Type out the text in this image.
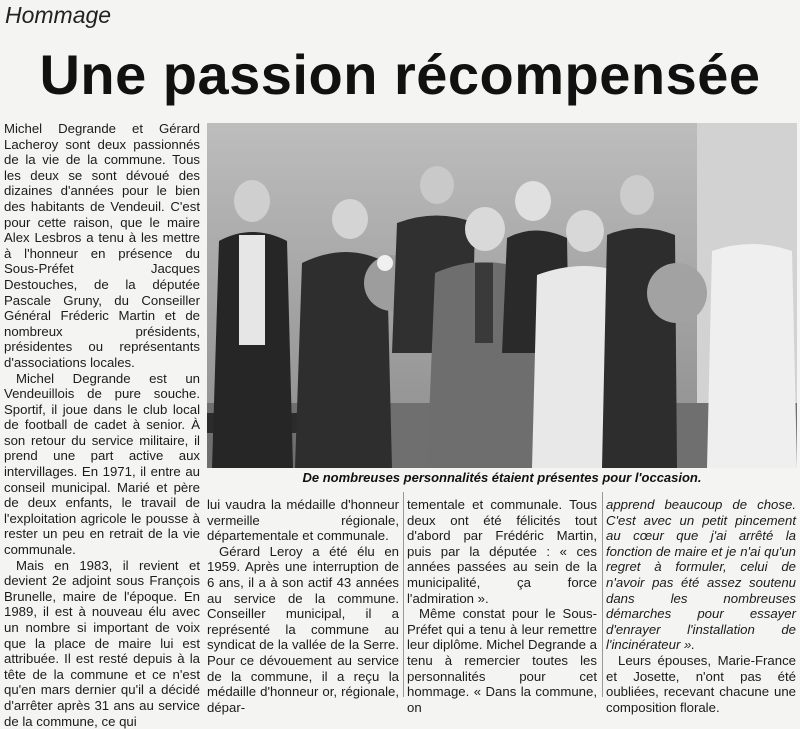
Hommage
Une passion récompensée

Michel Degrande et Gérard Lacheroy sont deux passionnés de la vie de la commune. Tous les deux se sont dévoué des dizaines d'années pour le bien des habitants de Vendeuil. C'est pour cette raison, que le maire Alex Lesbros a tenu à les mettre à l'honneur en présence du Sous-Préfet Jacques Destouches, de la députée Pascale Gruny, du Conseiller Général Fréderic Martin et de nombreux présidents, présidentes ou représentants d'associations locales.

Michel Degrande est un Vendeuillois de pure souche. Sportif, il joue dans le club local de football de cadet à senior. À son retour du service militaire, il prend une part active aux intervillages. En 1971, il entre au conseil municipal. Marié et père de deux enfants, le travail de l'exploitation agricole le pousse à rester un peu en retrait de la vie communale.

Mais en 1983, il revient et devient 2e adjoint sous François Brunelle, maire de l'époque. En 1989, il est à nouveau élu avec un nombre si important de voix que la place de maire lui est attribuée. Il est resté depuis à la tête de la commune et ce n'est qu'en mars dernier qu'il a décidé d'arrêter après 31 ans au service de la commune, ce qui

De nombreuses personnalités étaient présentes pour l'occasion.

lui vaudra la médaille d'honneur vermeille régionale, départementale et communale.

Gérard Leroy a été élu en 1959. Après une interruption de 6 ans, il a à son actif 43 années au service de la commune. Conseiller municipal, il a représenté la commune au syndicat de la vallée de la Serre. Pour ce dévouement au service de la commune, il a reçu la médaille d'honneur or, régionale, dépar-

tementale et communale. Tous deux ont été félicités tout d'abord par Frédéric Martin, puis par la députée : « ces années passées au sein de la municipalité, ça force l'admiration ».

Même constat pour le Sous-Préfet qui a tenu à leur remettre leur diplôme. Michel Degrande a tenu à remercier toutes les personnalités pour cet hommage. « Dans la commune, on

apprend beaucoup de chose. C'est avec un petit pincement au cœur que j'ai arrêté la fonction de maire et je n'ai qu'un regret à formuler, celui de n'avoir pas été assez soutenu dans les nombreuses démarches pour essayer d'enrayer l'installation de l'incinérateur ».

Leurs épouses, Marie-France et Josette, n'ont pas été oubliées, recevant chacune une composition florale.
